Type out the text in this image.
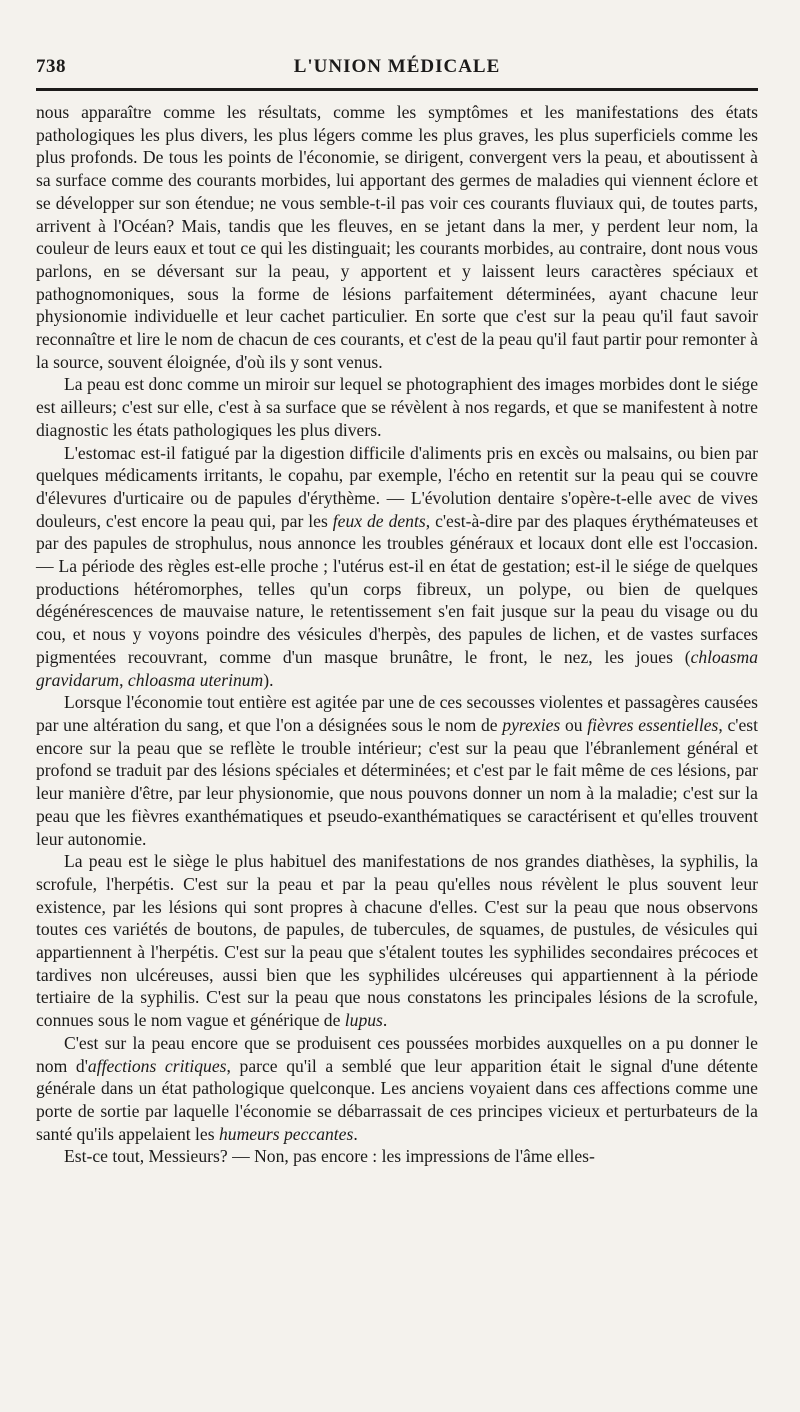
738	L'UNION MÉDICALE

nous apparaître comme les résultats, comme les symptômes et les manifestations des états pathologiques les plus divers, les plus légers comme les plus graves, les plus superficiels comme les plus profonds. De tous les points de l'économie, se dirigent, convergent vers la peau, et aboutissent à sa surface comme des courants morbides, lui apportant des germes de maladies qui viennent éclore et se développer sur son étendue; ne vous semble-t-il pas voir ces courants fluviaux qui, de toutes parts, arrivent à l'Océan? Mais, tandis que les fleuves, en se jetant dans la mer, y perdent leur nom, la couleur de leurs eaux et tout ce qui les distinguait; les courants morbides, au contraire, dont nous vous parlons, en se déversant sur la peau, y apportent et y laissent leurs caractères spéciaux et pathognomoniques, sous la forme de lésions parfaitement déterminées, ayant chacune leur physionomie individuelle et leur cachet particulier. En sorte que c'est sur la peau qu'il faut savoir reconnaître et lire le nom de chacun de ces courants, et c'est de la peau qu'il faut partir pour remonter à la source, souvent éloignée, d'où ils y sont venus.

La peau est donc comme un miroir sur lequel se photographient des images morbides dont le siége est ailleurs; c'est sur elle, c'est à sa surface que se révèlent à nos regards, et que se manifestent à notre diagnostic les états pathologiques les plus divers.

L'estomac est-il fatigué par la digestion difficile d'aliments pris en excès ou malsains, ou bien par quelques médicaments irritants, le copahu, par exemple, l'écho en retentit sur la peau qui se couvre d'élevures d'urticaire ou de papules d'érythème. — L'évolution dentaire s'opère-t-elle avec de vives douleurs, c'est encore la peau qui, par les feux de dents, c'est-à-dire par des plaques érythémateuses et par des papules de strophulus, nous annonce les troubles généraux et locaux dont elle est l'occasion. — La période des règles est-elle proche ; l'utérus est-il en état de gestation; est-il le siége de quelques productions hétéromorphes, telles qu'un corps fibreux, un polype, ou bien de quelques dégénérescences de mauvaise nature, le retentissement s'en fait jusque sur la peau du visage ou du cou, et nous y voyons poindre des vésicules d'herpès, des papules de lichen, et de vastes surfaces pigmentées recouvrant, comme d'un masque brunâtre, le front, le nez, les joues (chloasma gravidarum, chloasma uterinum).

Lorsque l'économie tout entière est agitée par une de ces secousses violentes et passagères causées par une altération du sang, et que l'on a désignées sous le nom de pyrexies ou fièvres essentielles, c'est encore sur la peau que se reflète le trouble intérieur; c'est sur la peau que l'ébranlement général et profond se traduit par des lésions spéciales et déterminées; et c'est par le fait même de ces lésions, par leur manière d'être, par leur physionomie, que nous pouvons donner un nom à la maladie; c'est sur la peau que les fièvres exanthématiques et pseudo-exanthématiques se caractérisent et qu'elles trouvent leur autonomie.

La peau est le siège le plus habituel des manifestations de nos grandes diathèses, la syphilis, la scrofule, l'herpétis. C'est sur la peau et par la peau qu'elles nous révèlent le plus souvent leur existence, par les lésions qui sont propres à chacune d'elles. C'est sur la peau que nous observons toutes ces variétés de boutons, de papules, de tubercules, de squames, de pustules, de vésicules qui appartiennent à l'herpétis. C'est sur la peau que s'étalent toutes les syphilides secondaires précoces et tardives non ulcéreuses, aussi bien que les syphilides ulcéreuses qui appartiennent à la période tertiaire de la syphilis. C'est sur la peau que nous constatons les principales lésions de la scrofule, connues sous le nom vague et générique de lupus.

C'est sur la peau encore que se produisent ces poussées morbides auxquelles on a pu donner le nom d'affections critiques, parce qu'il a semblé que leur apparition était le signal d'une détente générale dans un état pathologique quelconque. Les anciens voyaient dans ces affections comme une porte de sortie par laquelle l'économie se débarrassait de ces principes vicieux et perturbateurs de la santé qu'ils appelaient les humeurs peccantes.

Est-ce tout, Messieurs? — Non, pas encore : les impressions de l'âme elles-
